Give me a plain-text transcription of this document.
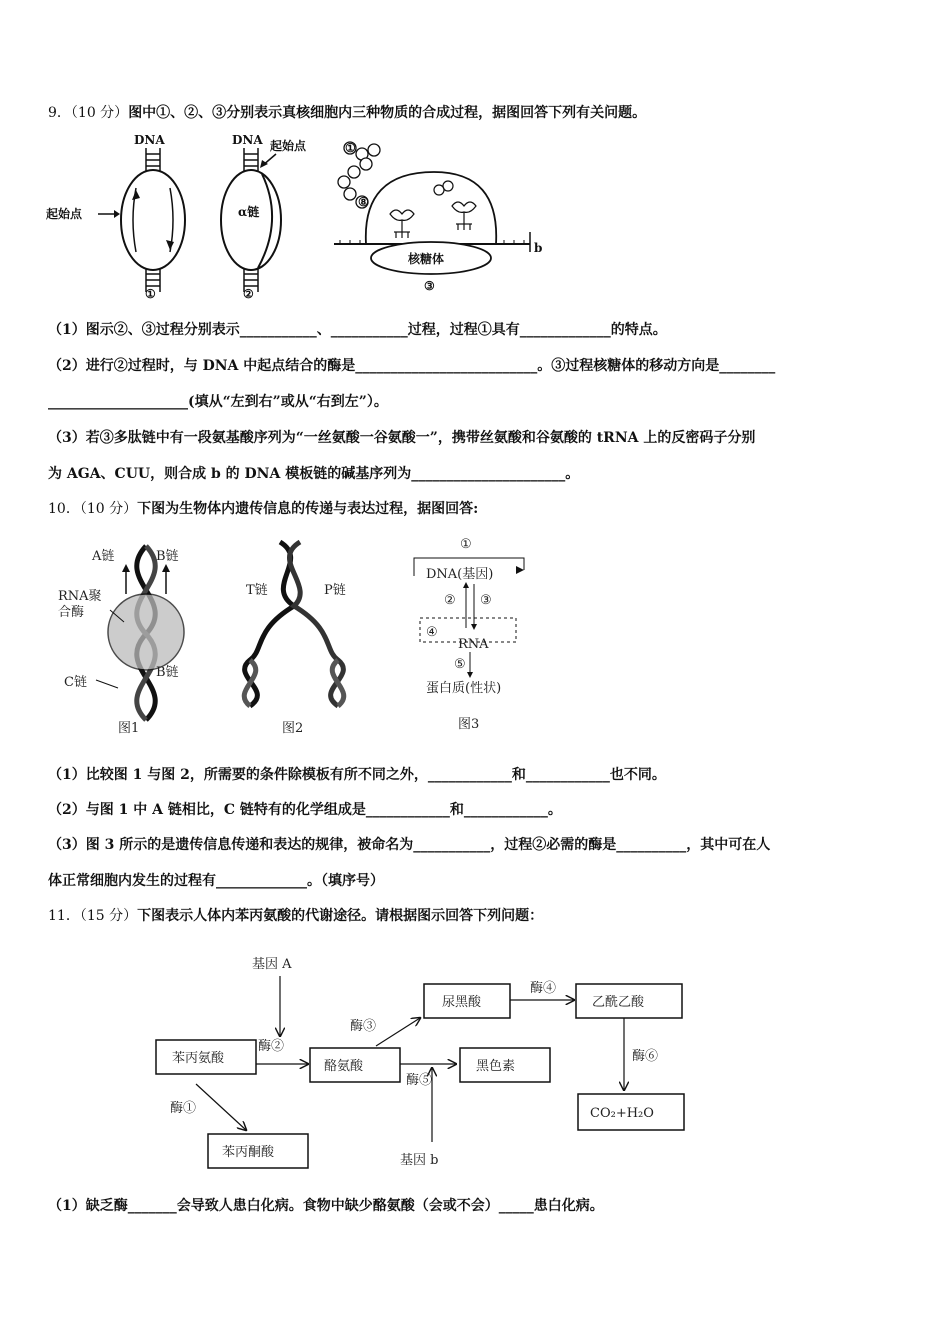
9．（10 分）图中①、②、③分别表示真核细胞内三种物质的合成过程，据图回答下列有关问题。
DNA
起始点
①
DNA
α链
起始点
②
①
⑧
核糖体
③
b
（1）图示②、③过程分别表示___________、___________过程，过程①具有_____________的特点。
（2）进行②过程时，与 DNA 中起点结合的酶是__________________________。③过程核糖体的移动方向是________
____________________(填从“左到右”或从“右到左”）。
（3）若③多肽链中有一段氨基酸序列为“一丝氨酸一谷氨酸一”，携带丝氨酸和谷氨酸的 tRNA 上的反密码子分别
为 AGA、CUU，则合成 b 的 DNA 模板链的碱基序列为______________________。
10．（10 分）下图为生物体内遗传信息的传递与表达过程，据图回答:
A链	B链
RNA聚
合酶
C链
B链
图1
T链	P链
图2
①
DNA(基因)
② ③
④
RNA
⑤
蛋白质(性状)
图3
（1）比较图 1 与图 2，所需要的条件除模板有所不同之外，____________和____________也不同。
（2）与图 1 中 A 链相比，C 链特有的化学组成是____________和____________。
（3）图 3 所示的是遗传信息传递和表达的规律，被命名为___________，过程②必需的酶是__________，其中可在人
体正常细胞内发生的过程有_____________。（填序号）
11．（15 分）下图表示人体内苯丙氨酸的代谢途径。请根据图示回答下列问题：
基因 A
酶②
苯丙氨酸
酪氨酸
酶③
尿黑酸
酶④
乙酰乙酸
酶⑥
CO₂+H₂O
黑色素
酶⑤
基因 b
酶①
苯丙酮酸
（1）缺乏酶_______会导致人患白化病。食物中缺少酪氨酸（会或不会）_____患白化病。
